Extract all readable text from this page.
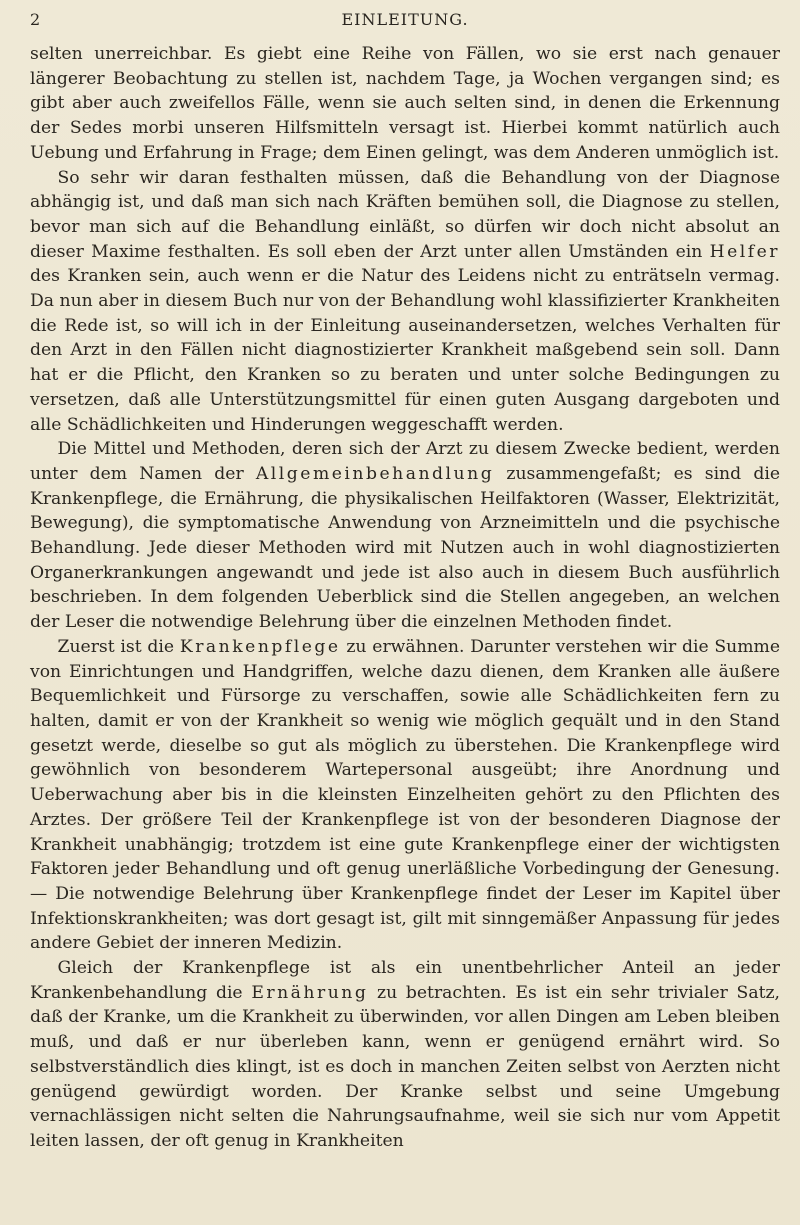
2	EINLEITUNG.

selten unerreichbar. Es giebt eine Reihe von Fällen, wo sie erst nach genauer längerer Beobachtung zu stellen ist, nachdem Tage, ja Wochen vergangen sind; es gibt aber auch zweifellos Fälle, wenn sie auch selten sind, in denen die Erkennung der Sedes morbi unseren Hilfsmitteln versagt ist. Hierbei kommt natürlich auch Uebung und Erfahrung in Frage; dem Einen gelingt, was dem Anderen unmöglich ist.

So sehr wir daran festhalten müssen, daß die Behandlung von der Diagnose abhängig ist, und daß man sich nach Kräften bemühen soll, die Diagnose zu stellen, bevor man sich auf die Behandlung einläßt, so dürfen wir doch nicht absolut an dieser Maxime festhalten. Es soll eben der Arzt unter allen Umständen ein Helfer des Kranken sein, auch wenn er die Natur des Leidens nicht zu enträtseln vermag. Da nun aber in diesem Buch nur von der Behandlung wohl klassifizierter Krankheiten die Rede ist, so will ich in der Einleitung auseinandersetzen, welches Verhalten für den Arzt in den Fällen nicht diagnostizierter Krankheit maßgebend sein soll. Dann hat er die Pflicht, den Kranken so zu beraten und unter solche Bedingungen zu versetzen, daß alle Unterstützungsmittel für einen guten Ausgang dargeboten und alle Schädlichkeiten und Hinderungen weggeschafft werden.

Die Mittel und Methoden, deren sich der Arzt zu diesem Zwecke bedient, werden unter dem Namen der Allgemeinbehandlung zusammengefaßt; es sind die Krankenpflege, die Ernährung, die physikalischen Heilfaktoren (Wasser, Elektrizität, Bewegung), die symptomatische Anwendung von Arzneimitteln und die psychische Behandlung. Jede dieser Methoden wird mit Nutzen auch in wohl diagnostizierten Organerkrankungen angewandt und jede ist also auch in diesem Buch ausführlich beschrieben. In dem folgenden Ueberblick sind die Stellen angegeben, an welchen der Leser die notwendige Belehrung über die einzelnen Methoden findet.

Zuerst ist die Krankenpflege zu erwähnen. Darunter verstehen wir die Summe von Einrichtungen und Handgriffen, welche dazu dienen, dem Kranken alle äußere Bequemlichkeit und Fürsorge zu verschaffen, sowie alle Schädlichkeiten fern zu halten, damit er von der Krankheit so wenig wie möglich gequält und in den Stand gesetzt werde, dieselbe so gut als möglich zu überstehen. Die Krankenpflege wird gewöhnlich von besonderem Wartepersonal ausgeübt; ihre Anordnung und Ueberwachung aber bis in die kleinsten Einzelheiten gehört zu den Pflichten des Arztes. Der größere Teil der Krankenpflege ist von der besonderen Diagnose der Krankheit unabhängig; trotzdem ist eine gute Krankenpflege einer der wichtigsten Faktoren jeder Behandlung und oft genug unerläßliche Vorbedingung der Genesung. — Die notwendige Belehrung über Krankenpflege findet der Leser im Kapitel über Infektionskrankheiten; was dort gesagt ist, gilt mit sinngemäßer Anpassung für jedes andere Gebiet der inneren Medizin.

Gleich der Krankenpflege ist als ein unentbehrlicher Anteil an jeder Krankenbehandlung die Ernährung zu betrachten. Es ist ein sehr trivialer Satz, daß der Kranke, um die Krankheit zu überwinden, vor allen Dingen am Leben bleiben muß, und daß er nur überleben kann, wenn er genügend ernährt wird. So selbstverständlich dies klingt, ist es doch in manchen Zeiten selbst von Aerzten nicht genügend gewürdigt worden. Der Kranke selbst und seine Umgebung vernachlässigen nicht selten die Nahrungsaufnahme, weil sie sich nur vom Appetit leiten lassen, der oft genug in Krankheiten
